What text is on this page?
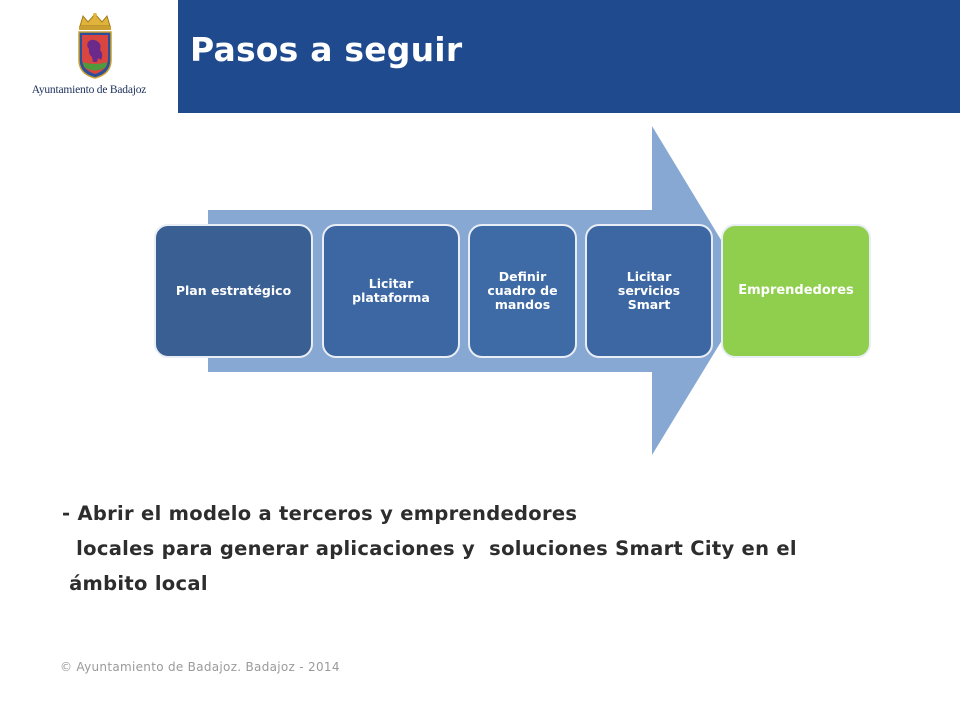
Ayuntamiento de Badajoz
Pasos a seguir
Plan estratégico	Licitar plataforma
Definir cuadro de mandos
Licitar servicios Smart
Emprendedores
- Abrir el modelo a terceros y emprendedores
locales para generar aplicaciones y  soluciones Smart City en el
ámbito local
© Ayuntamiento de Badajoz. Badajoz - 2014
